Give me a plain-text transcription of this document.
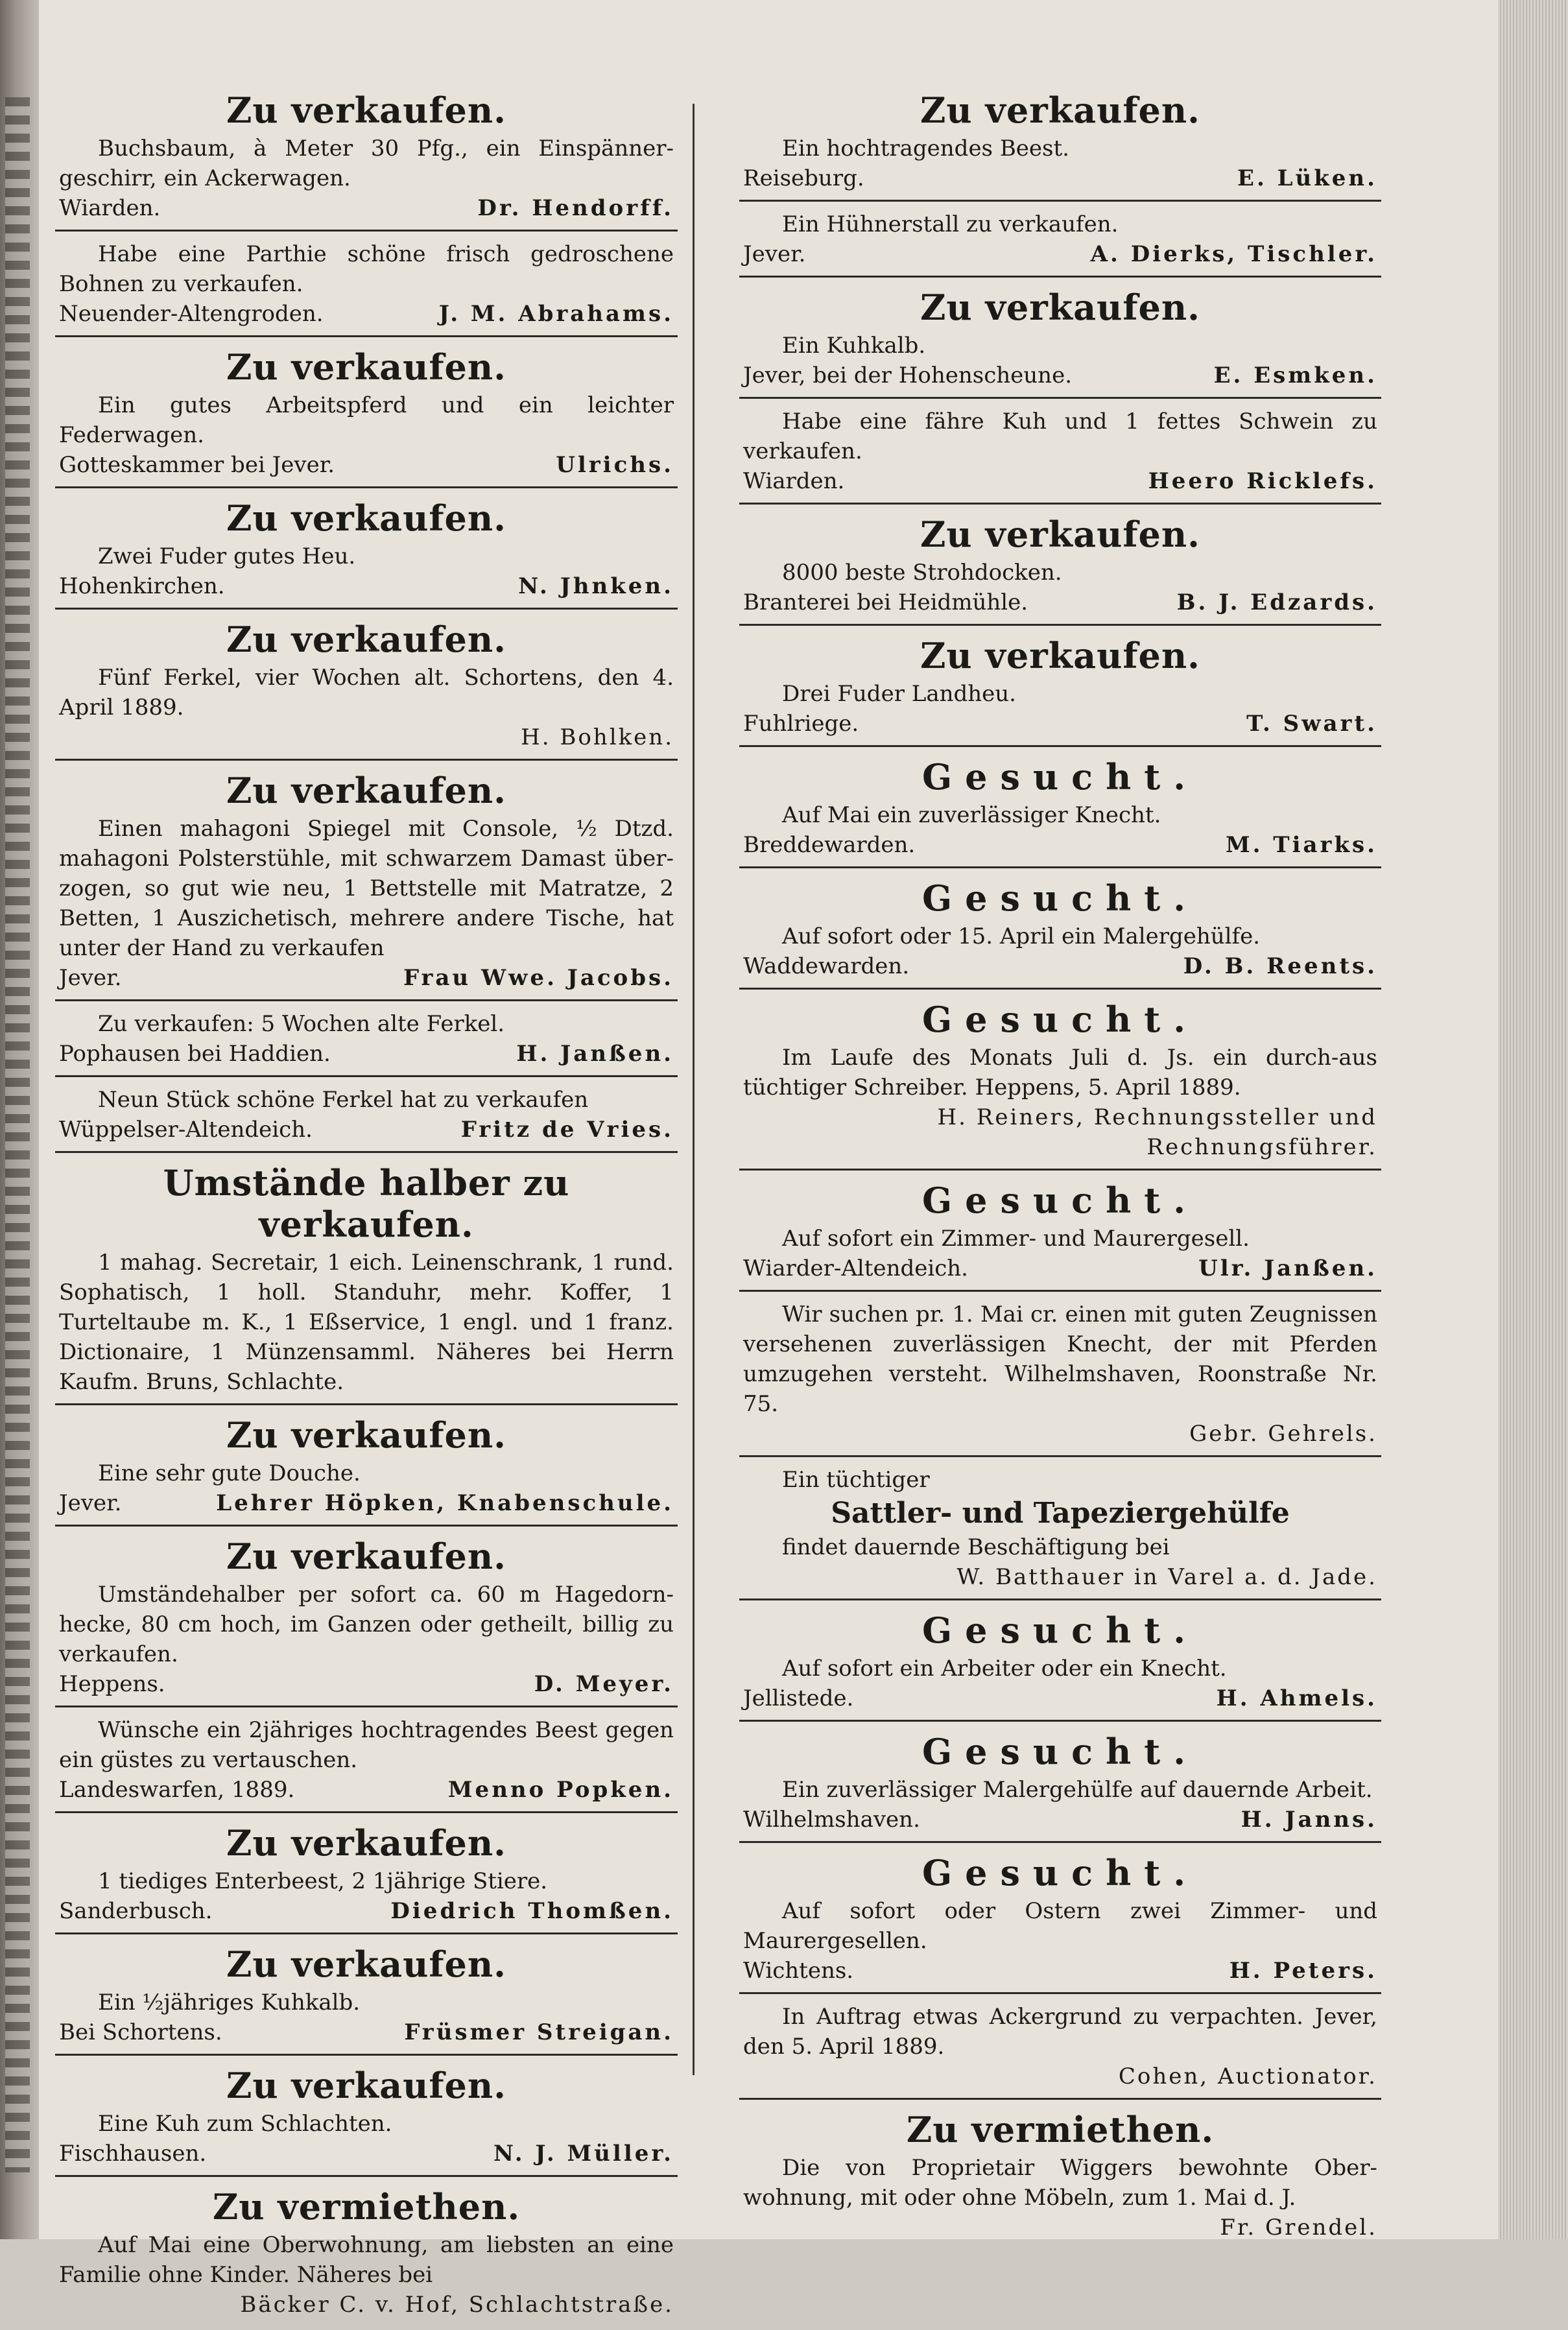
Zu verkaufen.
Buchsbaum, à Meter 30 Pfg., ein Einspänner-geschirr, ein Ackerwagen.
Wiarden.	Dr. Hendorff.
Habe eine Parthie schöne frisch gedroschene Bohnen zu verkaufen.
Neuender-Altengroden.	J. M. Abrahams.
Zu verkaufen.
Ein gutes Arbeitspferd und ein leichter Federwagen.
Gotteskammer bei Jever.	Ulrichs.
Zu verkaufen.
Zwei Fuder gutes Heu.
Hohenkirchen.	N. Jhnken.
Zu verkaufen.
Fünf Ferkel, vier Wochen alt. Schortens, den 4. April 1889.
H. Bohlken.
Zu verkaufen.
Einen mahagoni Spiegel mit Console, ½ Dtzd. mahagoni Polsterstühle, mit schwarzem Damast über-zogen, so gut wie neu, 1 Bettstelle mit Matratze, 2 Betten, 1 Auszichetisch, mehrere andere Tische, hat unter der Hand zu verkaufen
Jever.	Frau Wwe. Jacobs.
Zu verkaufen: 5 Wochen alte Ferkel.
Pophausen bei Haddien.	H. Janßen.
Neun Stück schöne Ferkel hat zu verkaufen
Wüppelser-Altendeich.	Fritz de Vries.
Umstände halber zu verkaufen.
1 mahag. Secretair, 1 eich. Leinenschrank, 1 rund. Sophatisch, 1 holl. Standuhr, mehr. Koffer, 1 Turteltaube m. K., 1 Eßservice, 1 engl. und 1 franz. Dictionaire, 1 Münzensamml. Näheres bei Herrn Kaufm. Bruns, Schlachte.
Zu verkaufen.
Eine sehr gute Douche.
Jever.	Lehrer Höpken, Knabenschule.
Zu verkaufen.
Umständehalber per sofort ca. 60 m Hagedorn-hecke, 80 cm hoch, im Ganzen oder getheilt, billig zu verkaufen.
Heppens.	D. Meyer.
Wünsche ein 2jähriges hochtragendes Beest gegen ein güstes zu vertauschen.
Landeswarfen, 1889.	Menno Popken.
Zu verkaufen.
1 tiediges Enterbeest, 2 1jährige Stiere.
Sanderbusch.	Diedrich Thomßen.
Zu verkaufen.
Ein ½jähriges Kuhkalb.
Bei Schortens.	Früsmer Streigan.
Zu verkaufen.
Eine Kuh zum Schlachten.
Fischhausen.	N. J. Müller.
Zu vermiethen.
Auf Mai eine Oberwohnung, am liebsten an eine Familie ohne Kinder. Näheres bei
Bäcker C. v. Hof, Schlachtstraße.
Zu verkaufen.
Ein hochtragendes Beest.
Reiseburg.	E. Lüken.
Ein Hühnerstall zu verkaufen.
Jever.	A. Dierks, Tischler.
Zu verkaufen.
Ein Kuhkalb.
Jever, bei der Hohenscheune.	E. Esmken.
Habe eine fähre Kuh und 1 fettes Schwein zu verkaufen.
Wiarden.	Heero Ricklefs.
Zu verkaufen.
8000 beste Strohdocken.
Branterei bei Heidmühle.	B. J. Edzards.
Zu verkaufen.
Drei Fuder Landheu.
Fuhlriege.	T. Swart.
Gesucht.
Auf Mai ein zuverlässiger Knecht.
Breddewarden.	M. Tiarks.
Gesucht.
Auf sofort oder 15. April ein Malergehülfe.
Waddewarden.	D. B. Reents.
Gesucht.
Im Laufe des Monats Juli d. Js. ein durch-aus tüchtiger Schreiber. Heppens, 5. April 1889.
H. Reiners, Rechnungssteller und Rechnungsführer.
Gesucht.
Auf sofort ein Zimmer- und Maurergesell.
Wiarder-Altendeich.	Ulr. Janßen.
Wir suchen pr. 1. Mai cr. einen mit guten Zeugnissen versehenen zuverlässigen Knecht, der mit Pferden umzugehen versteht. Wilhelmshaven, Roonstraße Nr. 75.
Gebr. Gehrels.
Ein tüchtiger
Sattler- und Tapeziergehülfe
findet dauernde Beschäftigung bei
W. Batthauer in Varel a. d. Jade.
Gesucht.
Auf sofort ein Arbeiter oder ein Knecht.
Jellistede.	H. Ahmels.
Gesucht.
Ein zuverlässiger Malergehülfe auf dauernde Arbeit.
Wilhelmshaven.	H. Janns.
Gesucht.
Auf sofort oder Ostern zwei Zimmer- und Maurergesellen.
Wichtens.	H. Peters.
In Auftrag etwas Ackergrund zu verpachten. Jever, den 5. April 1889.
Cohen, Auctionator.
Zu vermiethen.
Die von Proprietair Wiggers bewohnte Ober-wohnung, mit oder ohne Möbeln, zum 1. Mai d. J.
Fr. Grendel.
